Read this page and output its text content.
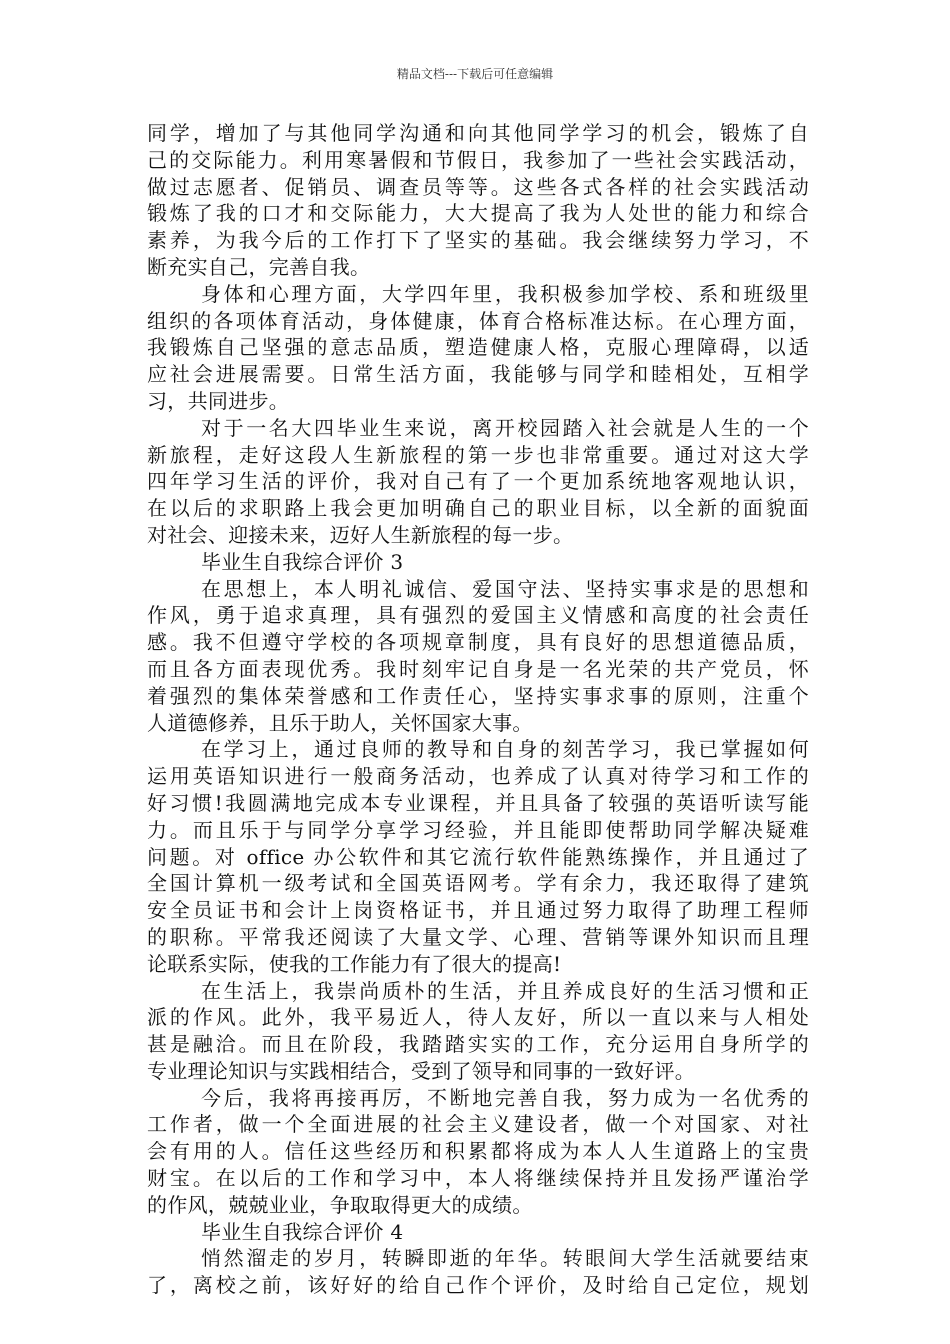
精品文档---下载后可任意编辑
同学，增加了与其他同学沟通和向其他同学学习的机会，锻炼了自
己的交际能力。利用寒暑假和节假日，我参加了一些社会实践活动，
做过志愿者、促销员、调查员等等。这些各式各样的社会实践活动
锻炼了我的口才和交际能力，大大提高了我为人处世的能力和综合
素养，为我今后的工作打下了坚实的基础。我会继续努力学习，不
断充实自己，完善自我。
身体和心理方面，大学四年里，我积极参加学校、系和班级里
组织的各项体育活动，身体健康，体育合格标准达标。在心理方面，
我锻炼自己坚强的意志品质，塑造健康人格，克服心理障碍，以适
应社会进展需要。日常生活方面，我能够与同学和睦相处，互相学
习，共同进步。
对于一名大四毕业生来说，离开校园踏入社会就是人生的一个
新旅程，走好这段人生新旅程的第一步也非常重要。通过对这大学
四年学习生活的评价，我对自己有了一个更加系统地客观地认识，
在以后的求职路上我会更加明确自己的职业目标，以全新的面貌面
对社会、迎接未来，迈好人生新旅程的每一步。
毕业生自我综合评价 3
在思想上，本人明礼诚信、爱国守法、坚持实事求是的思想和
作风，勇于追求真理，具有强烈的爱国主义情感和高度的社会责任
感。我不但遵守学校的各项规章制度，具有良好的思想道德品质，
而且各方面表现优秀。我时刻牢记自身是一名光荣的共产党员，怀
着强烈的集体荣誉感和工作责任心，坚持实事求事的原则，注重个
人道德修养，且乐于助人，关怀国家大事。
在学习上，通过良师的教导和自身的刻苦学习，我已掌握如何
运用英语知识进行一般商务活动，也养成了认真对待学习和工作的
好习惯!我圆满地完成本专业课程，并且具备了较强的英语听读写能
力。而且乐于与同学分享学习经验，并且能即使帮助同学解决疑难
问题。对 office 办公软件和其它流行软件能熟练操作，并且通过了
全国计算机一级考试和全国英语网考。学有余力，我还取得了建筑
安全员证书和会计上岗资格证书，并且通过努力取得了助理工程师
的职称。平常我还阅读了大量文学、心理、营销等课外知识而且理
论联系实际，使我的工作能力有了很大的提高!
在生活上，我崇尚质朴的生活，并且养成良好的生活习惯和正
派的作风。此外，我平易近人，待人友好，所以一直以来与人相处
甚是融洽。而且在阶段，我踏踏实实的工作，充分运用自身所学的
专业理论知识与实践相结合，受到了领导和同事的一致好评。
今后，我将再接再厉，不断地完善自我，努力成为一名优秀的
工作者，做一个全面进展的社会主义建设者，做一个对国家、对社
会有用的人。信任这些经历和积累都将成为本人人生道路上的宝贵
财宝。在以后的工作和学习中，本人将继续保持并且发扬严谨治学
的作风，兢兢业业，争取取得更大的成绩。
毕业生自我综合评价 4
悄然溜走的岁月，转瞬即逝的年华。转眼间大学生活就要结束
了，离校之前，该好好的给自己作个评价，及时给自己定位，规划
